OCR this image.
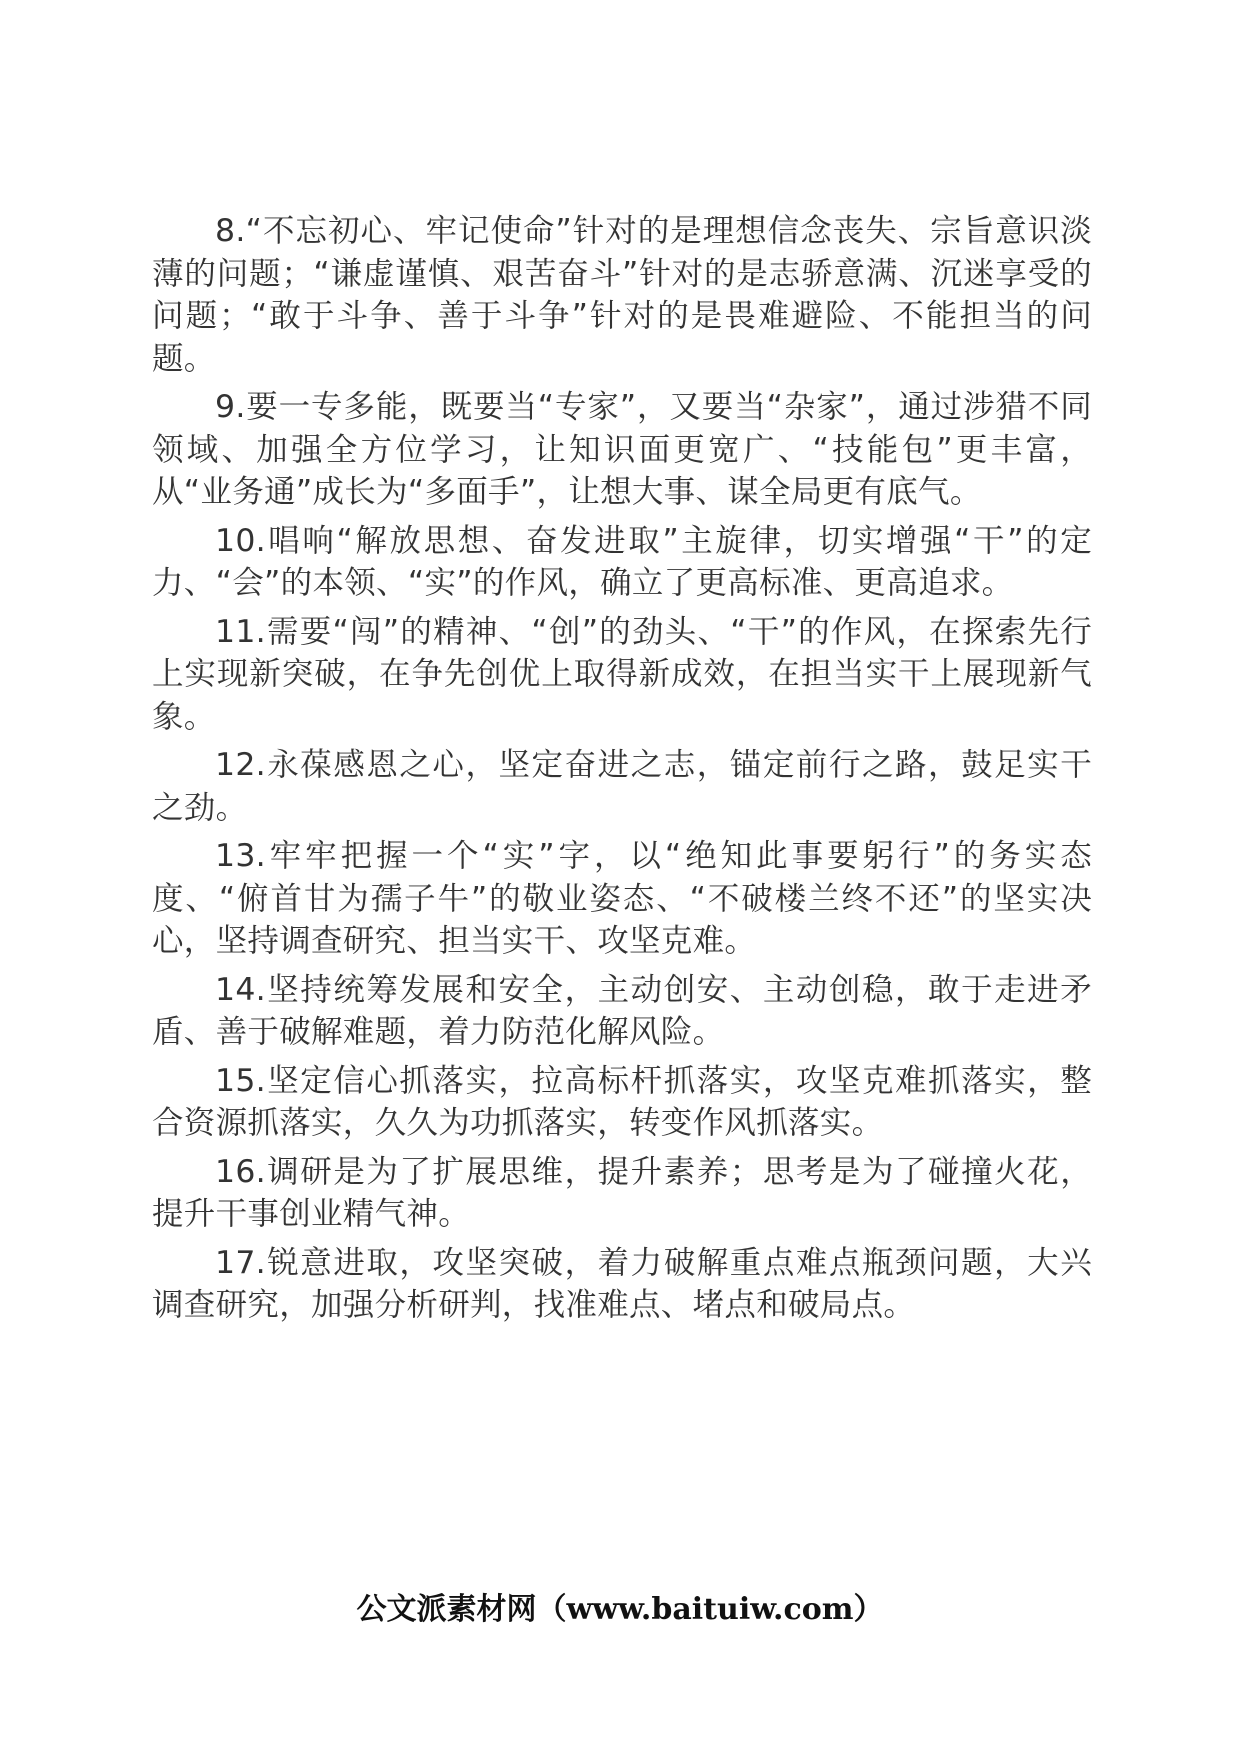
8.“不忘初心、牢记使命”针对的是理想信念丧失、宗旨意识淡薄的问题；“谦虚谨慎、艰苦奋斗”针对的是志骄意满、沉迷享受的问题；“敢于斗争、善于斗争”针对的是畏难避险、不能担当的问题。

9.要一专多能，既要当“专家”，又要当“杂家”，通过涉猎不同领域、加强全方位学习，让知识面更宽广、“技能包”更丰富，从“业务通”成长为“多面手”，让想大事、谋全局更有底气。

10.唱响“解放思想、奋发进取”主旋律，切实增强“干”的定力、“会”的本领、“实”的作风，确立了更高标准、更高追求。

11.需要“闯”的精神、“创”的劲头、“干”的作风，在探索先行上实现新突破，在争先创优上取得新成效，在担当实干上展现新气象。

12.永葆感恩之心，坚定奋进之志，锚定前行之路，鼓足实干之劲。

13.牢牢把握一个“实”字，以“绝知此事要躬行”的务实态度、“俯首甘为孺子牛”的敬业姿态、“不破楼兰终不还”的坚实决心，坚持调查研究、担当实干、攻坚克难。

14.坚持统筹发展和安全，主动创安、主动创稳，敢于走进矛盾、善于破解难题，着力防范化解风险。

15.坚定信心抓落实，拉高标杆抓落实，攻坚克难抓落实，整合资源抓落实，久久为功抓落实，转变作风抓落实。

16.调研是为了扩展思维，提升素养；思考是为了碰撞火花，提升干事创业精气神。

17.锐意进取，攻坚突破，着力破解重点难点瓶颈问题，大兴调查研究，加强分析研判，找准难点、堵点和破局点。

公文派素材网（www.baituiw.com）
